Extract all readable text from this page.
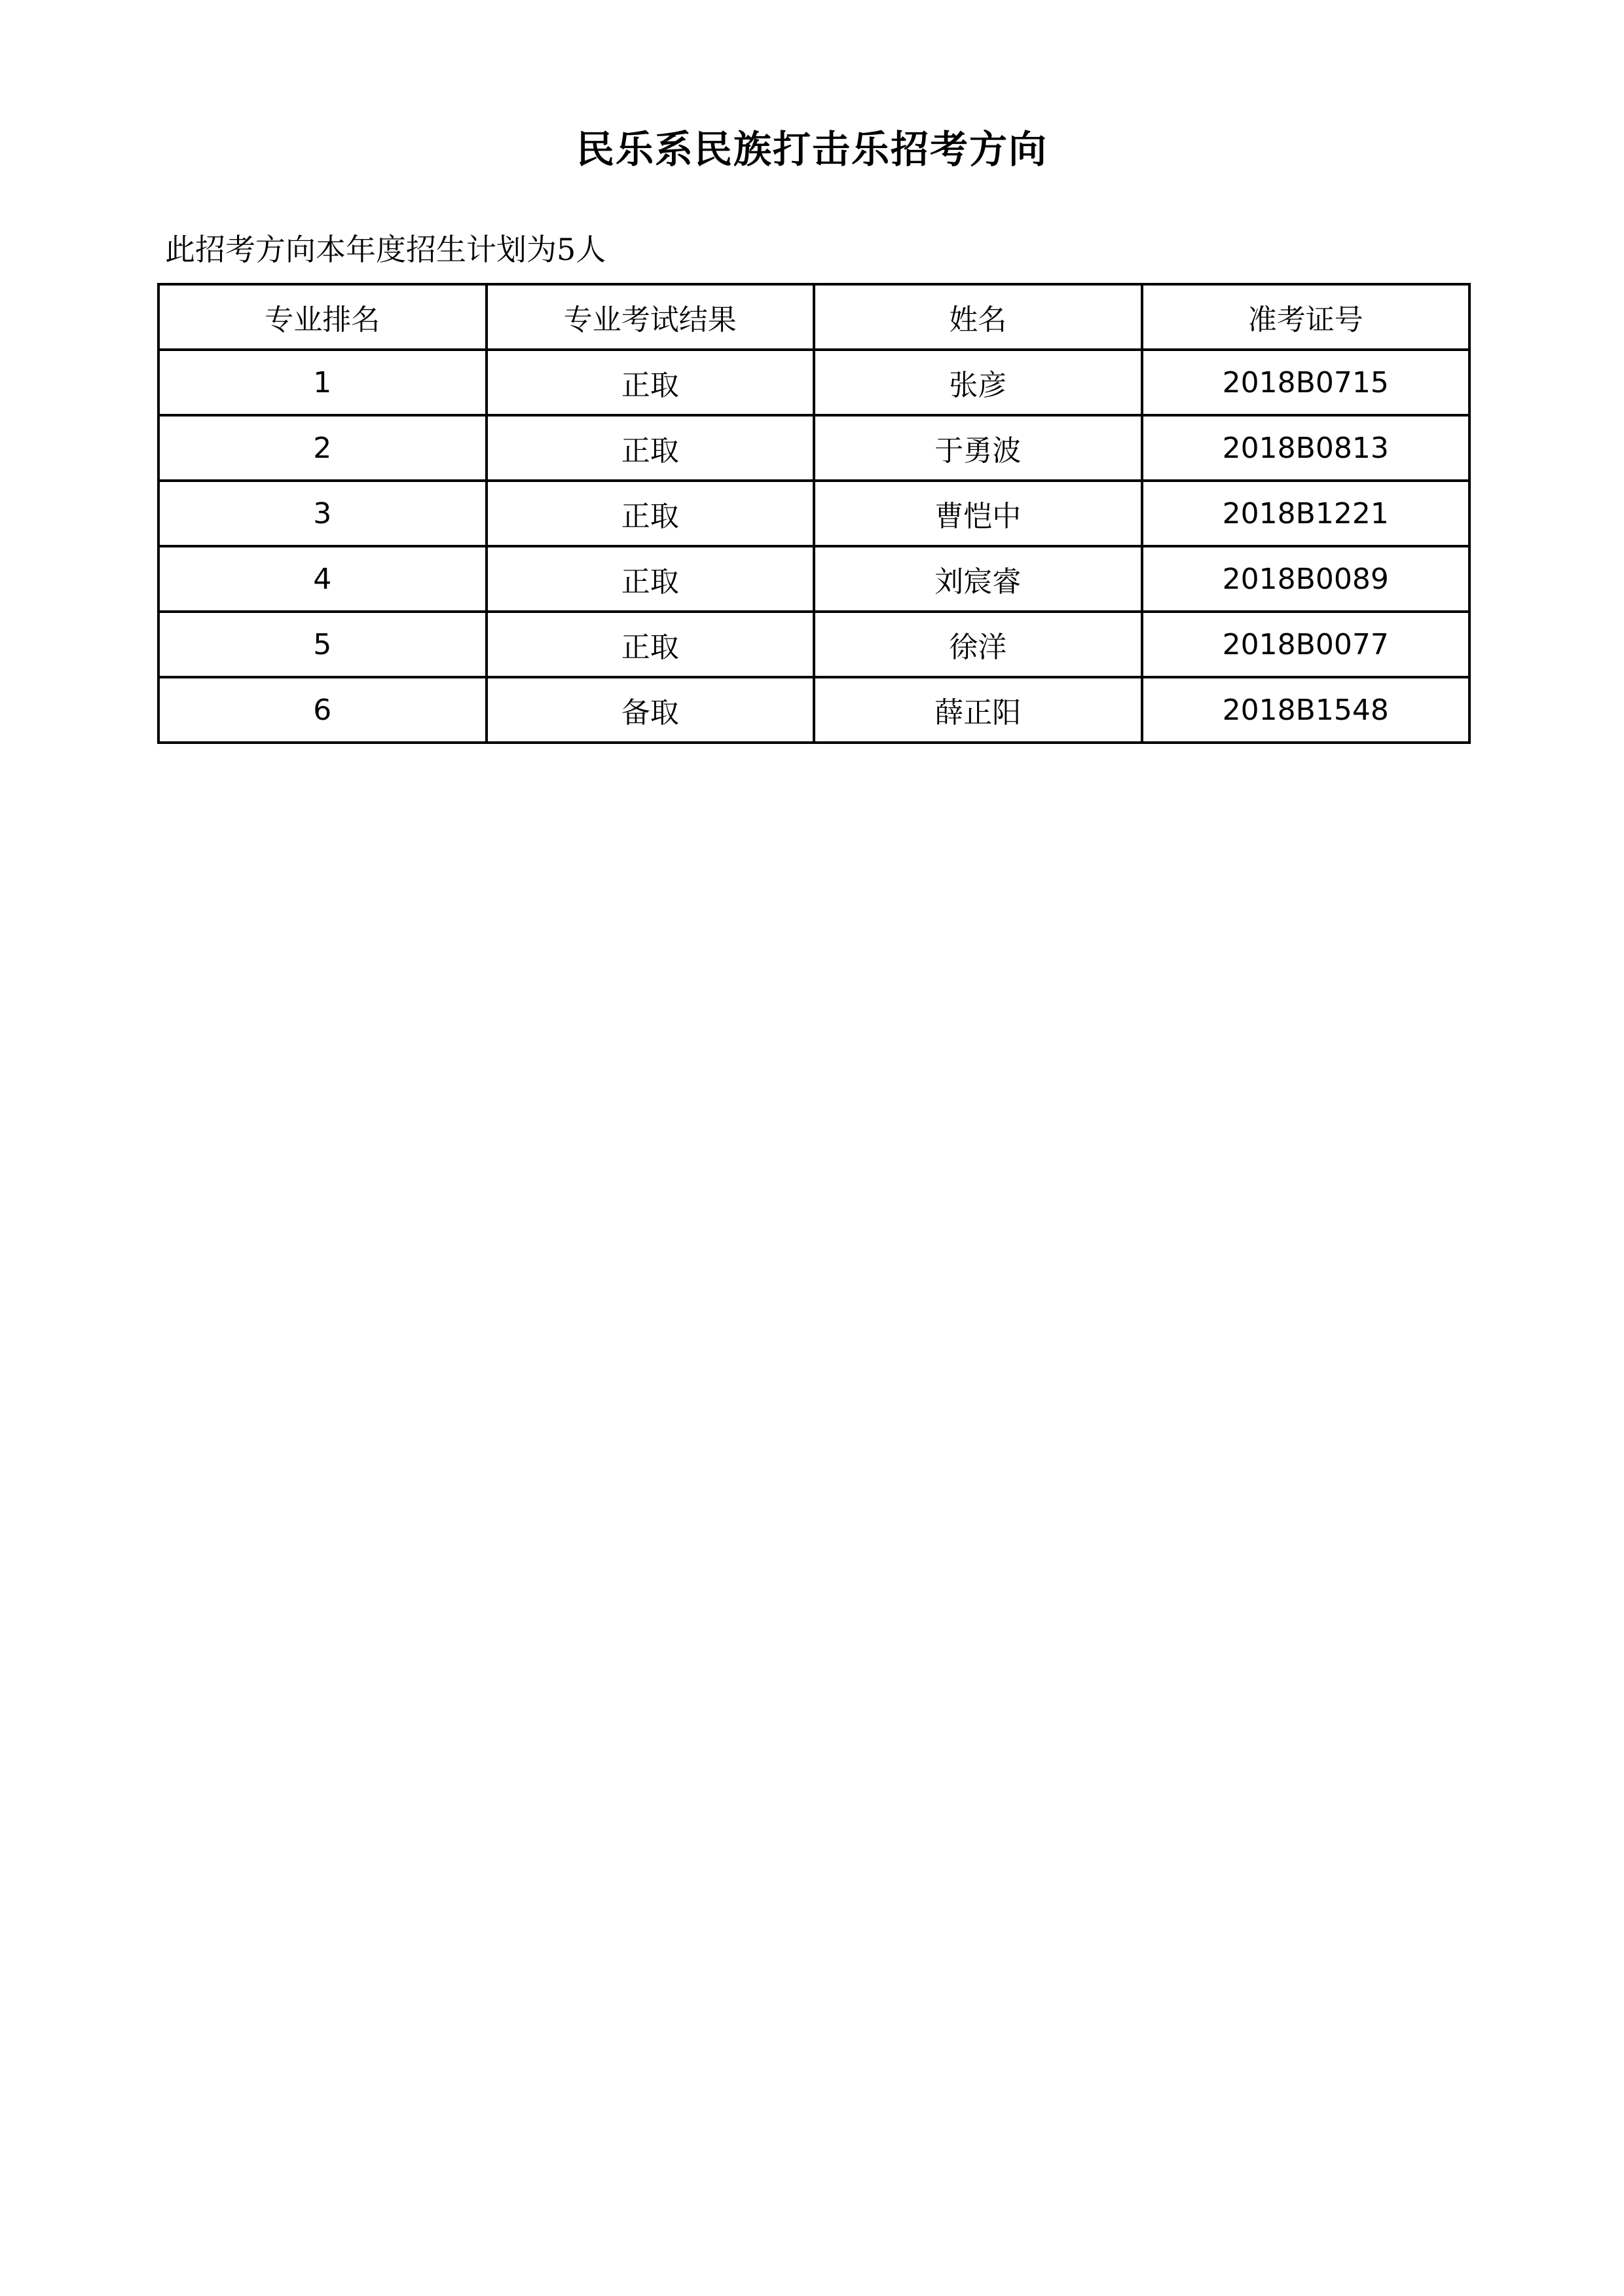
民乐系民族打击乐招考方向

此招考方向本年度招生计划为5人

专业排名	专业考试结果	姓名	准考证号
1	正取	张彦	2018B0715
2	正取	于勇波	2018B0813
3	正取	曹恺中	2018B1221
4	正取	刘宸睿	2018B0089
5	正取	徐洋	2018B0077
6	备取	薛正阳	2018B1548
